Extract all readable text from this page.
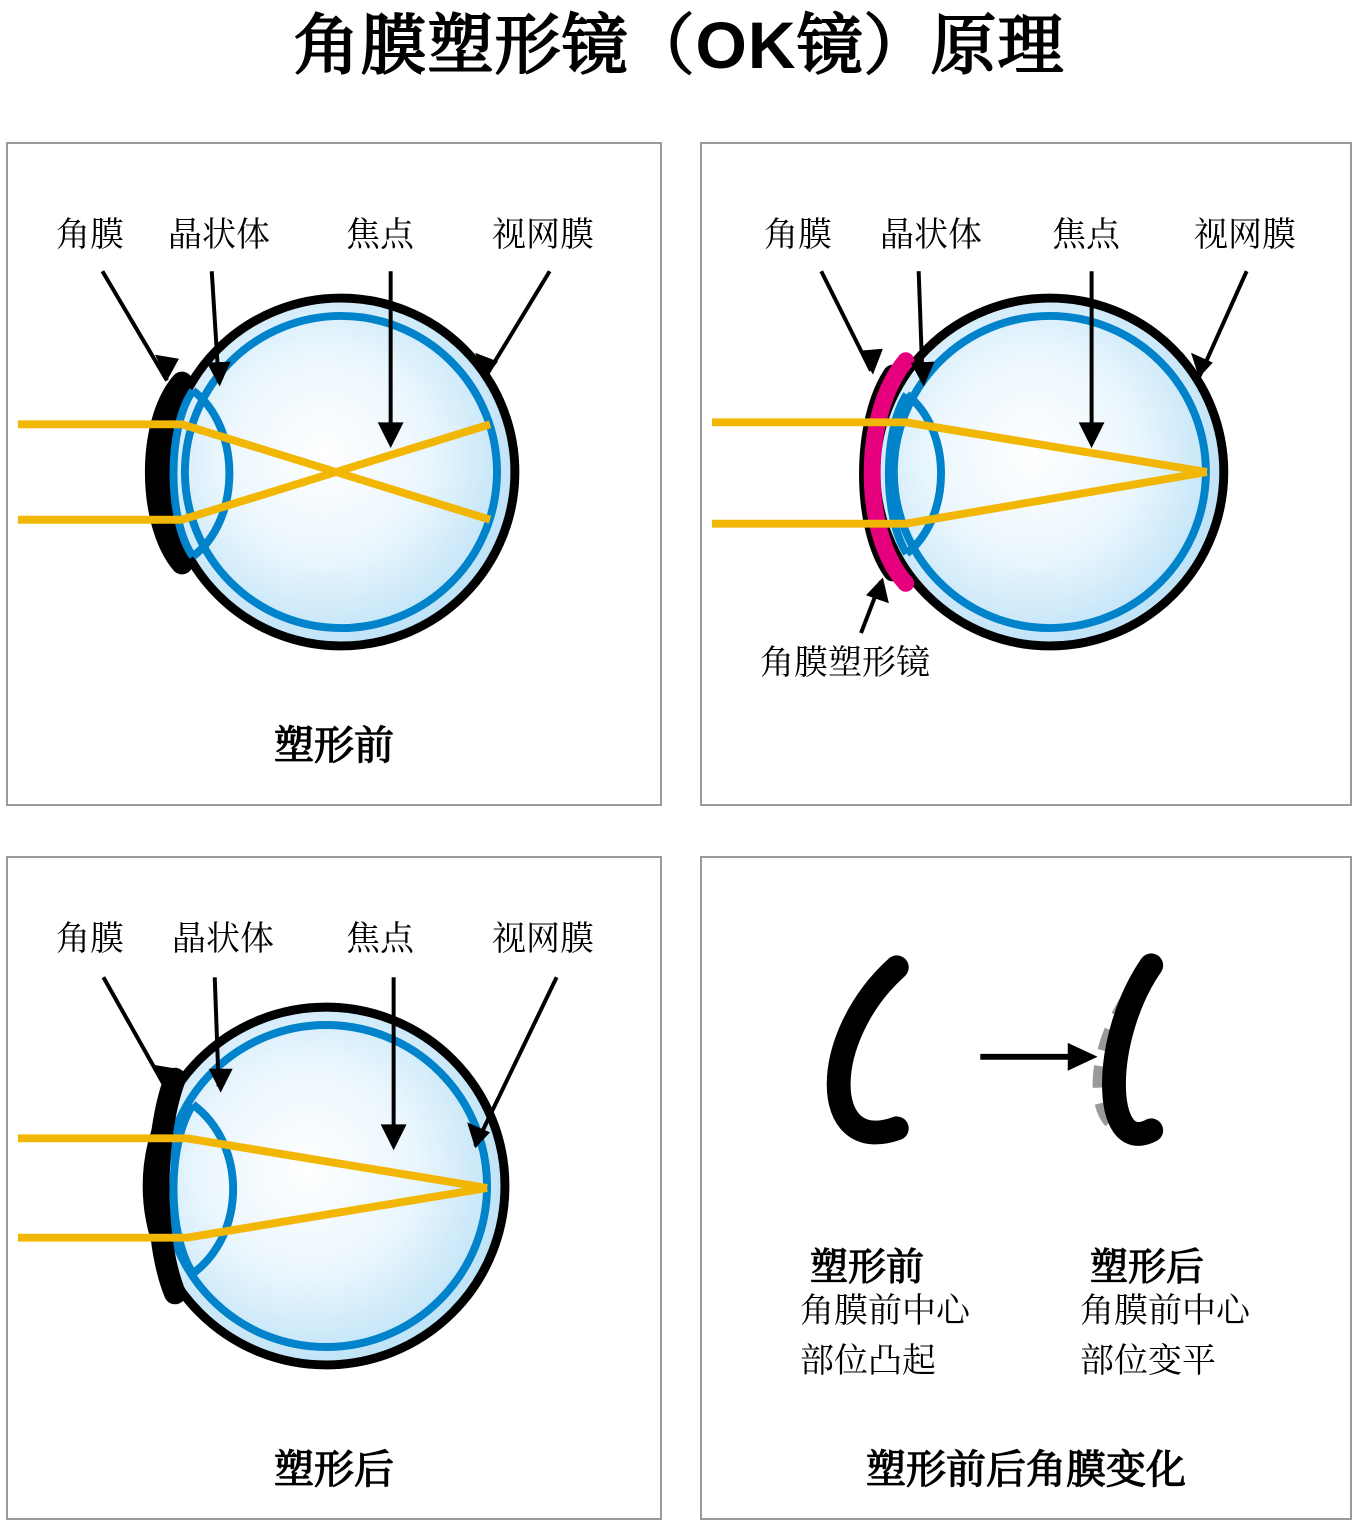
角膜塑形镜（OK镜）原理
角膜 晶状体 焦点 视网膜
塑形前
角膜 晶状体 焦点 视网膜
角膜塑形镜
角膜 晶状体 焦点 视网膜
塑形后
塑形前
角膜前中心
部位凸起
塑形后
角膜前中心
部位变平
塑形前后角膜变化
